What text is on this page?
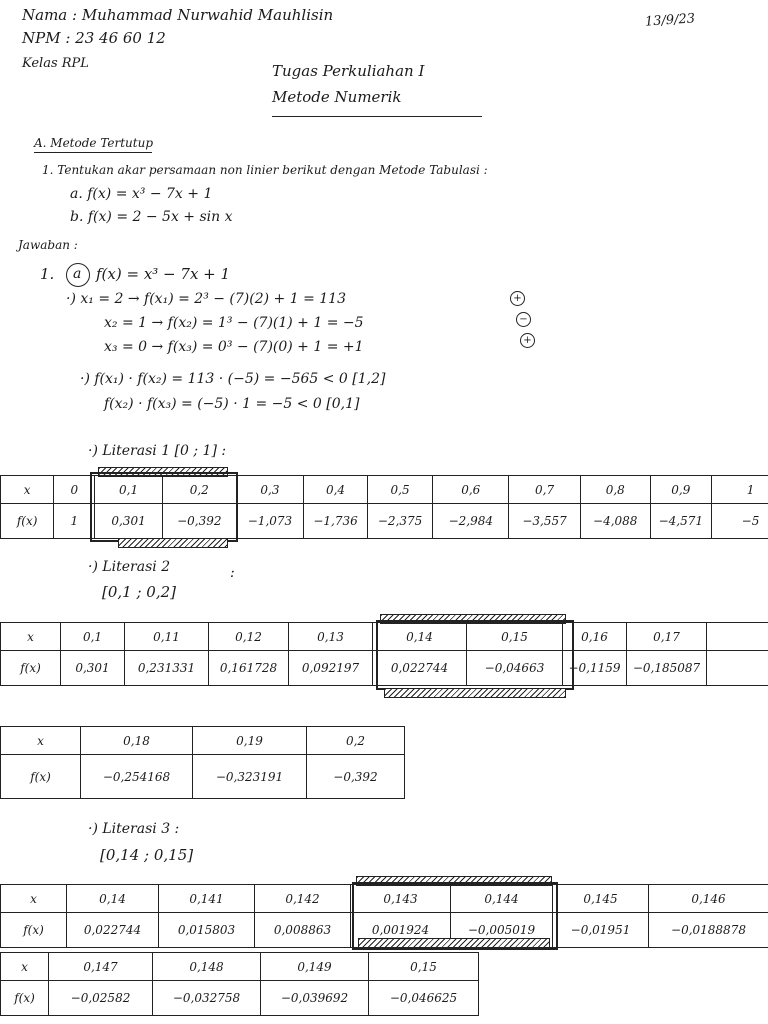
Nama : Muhammad Nurwahid Mauhlisin
NPM : 23 46 60 12
Kelas RPL
13/9/23
Tugas Perkuliahan I
Metode Numerik
A. Metode Tertutup
1. Tentukan akar persamaan non linier berikut dengan Metode Tabulasi :
a. f(x) = x³ − 7x + 1
b. f(x) = 2 − 5x + sin x
Jawaban :
1. a f(x) = x³ − 7x + 1
·) x₁ = 2 → f(x₁) = 2³ − (7)(2) + 1 = 113	+
x₂ = 1 → f(x₂) = 1³ − (7)(1) + 1 = −5	−
x₃ = 0 → f(x₃) = 0³ − (7)(0) + 1 = +1	+
·) f(x₁) · f(x₂) = 113 · (−5) = −565 < 0 [1,2]
f(x₂) · f(x₃) = (−5) · 1 = −5 < 0 [0,1]
·) Literasi 1 [0 ; 1] :
x	0	0,1	0,2	0,3	0,4	0,5	0,6	0,7	0,8	0,9	1
f(x)	1	0,301	−0,392	−1,073	−1,736	−2,375	−2,984	−3,557	−4,088	−4,571	−5
·) Literasi 2	:
[0,1 ; 0,2]
x	0,1	0,11	0,12	0,13	0,14	0,15	0,16	0,17	
f(x)	0,301	0,231331	0,161728	0,092197	0,022744	−0,04663	−0,1159	−0,185087	
x	0,18	0,19	0,2
f(x)	−0,254168	−0,323191	−0,392
·) Literasi 3 :
[0,14 ; 0,15]
x	0,14	0,141	0,142	0,143	0,144	0,145	0,146
f(x)	0,022744	0,015803	0,008863	0,001924	−0,005019	−0,01951	−0,0188878
x	0,147	0,148	0,149	0,15
f(x)	−0,02582	−0,032758	−0,039692	−0,046625
